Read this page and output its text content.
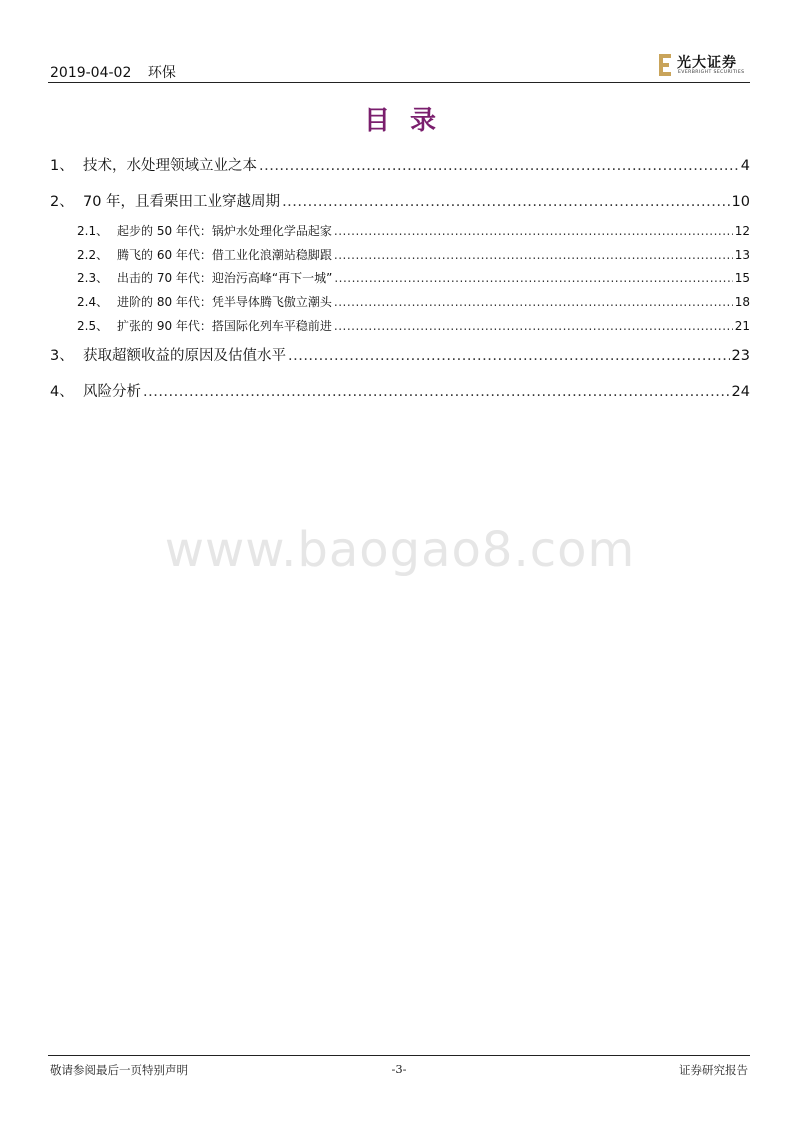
2019-04-02 环保
光大证券
EVERBRIGHT SECURITIES
目录
1、 技术，水处理领域立业之本 .....	4
2、 70 年，且看栗田工业穿越周期 .....	10
2.1、 起步的 50 年代：锅炉水处理化学品起家 .....	12
2.2、 腾飞的 60 年代：借工业化浪潮站稳脚跟 .....	13
2.3、 出击的 70 年代：迎治污高峰“再下一城” .....	15
2.4、 进阶的 80 年代：凭半导体腾飞傲立潮头 .....	18
2.5、 扩张的 90 年代：搭国际化列车平稳前进 .....	21
3、 获取超额收益的原因及估值水平 .....	23
4、 风险分析 .....	24
www.baogao8.com
敬请参阅最后一页特别声明	-3-	证券研究报告
